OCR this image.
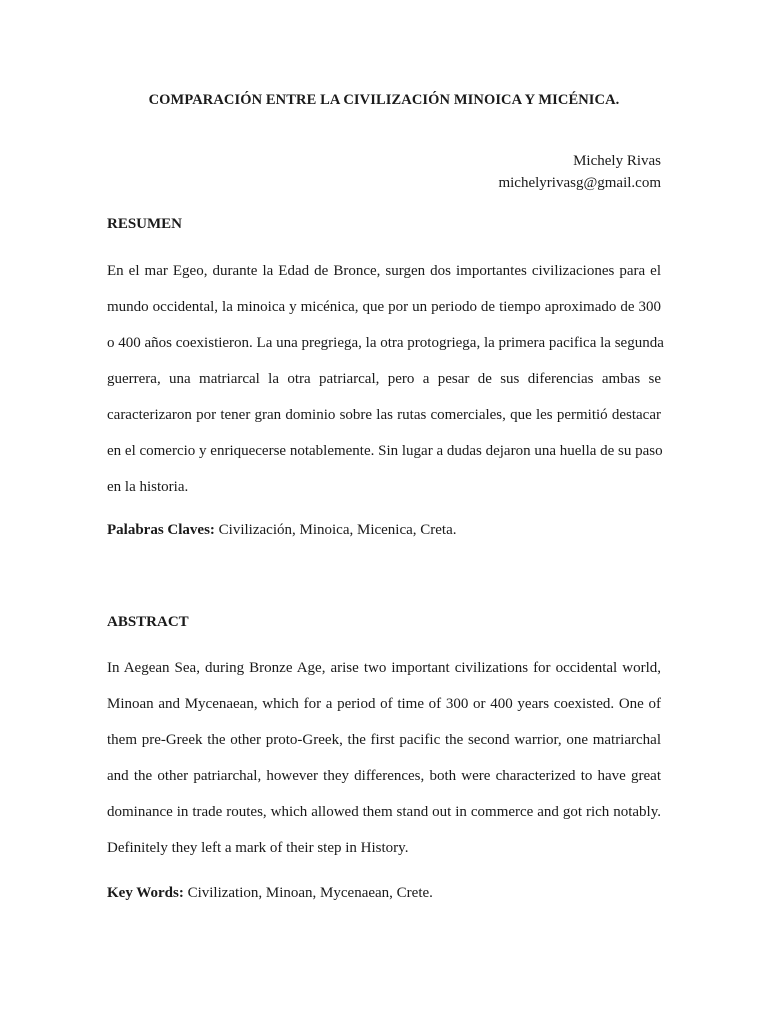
COMPARACIÓN ENTRE LA CIVILIZACIÓN MINOICA Y MICÉNICA.
Michely Rivas
michelyrivasg@gmail.com
RESUMEN
En el mar Egeo, durante la Edad de Bronce, surgen dos importantes civilizaciones para el
mundo occidental, la minoica y micénica, que por un periodo de tiempo aproximado de 300
o 400 años coexistieron. La una pregriega, la otra protogriega, la primera pacifica la segunda
guerrera, una matriarcal la otra patriarcal, pero a pesar de sus diferencias ambas se
caracterizaron por tener gran dominio sobre las rutas comerciales, que les permitió destacar
en el comercio y enriquecerse notablemente. Sin lugar a dudas dejaron una huella de su paso
en la historia.
Palabras Claves: Civilización, Minoica, Micenica, Creta.
ABSTRACT
In Aegean Sea, during Bronze Age, arise two important civilizations for occidental world,
Minoan and Mycenaean, which for a period of time of 300 or 400 years coexisted. One of
them pre-Greek the other proto-Greek, the first pacific the second warrior, one matriarchal
and the other patriarchal, however they differences, both were characterized to have great
dominance in trade routes, which allowed them stand out in commerce and got rich notably.
Definitely they left a mark of their step in History.
Key Words: Civilization, Minoan, Mycenaean, Crete.
